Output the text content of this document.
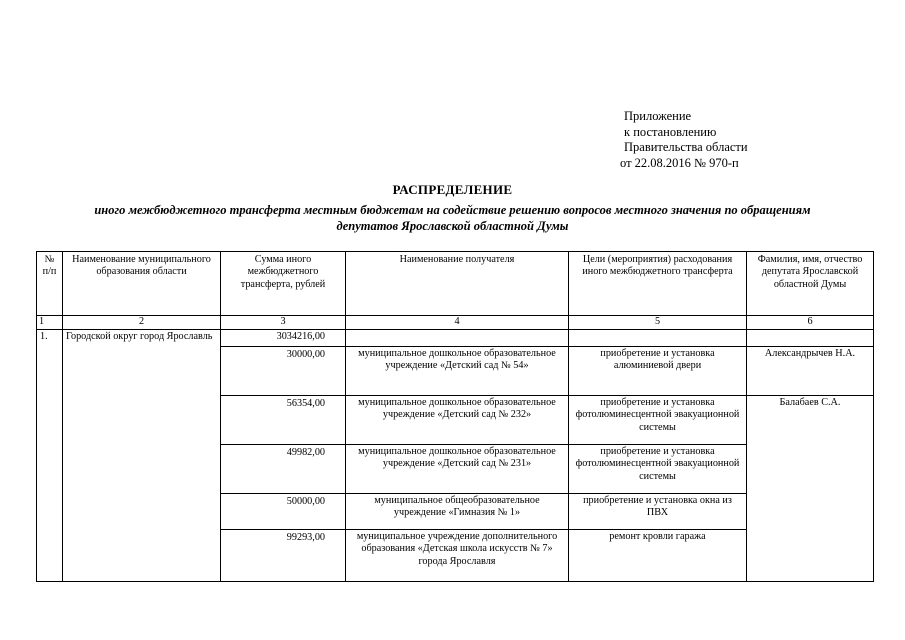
Приложение
к постановлению
Правительства области
от 22.08.2016 № 970-п
РАСПРЕДЕЛЕНИЕ
иного межбюджетного трансферта местным бюджетам на содействие решению вопросов местного значения по обращениям
депутатов Ярославской областной Думы
№ п/п	Наименование муниципального образования области	Сумма иного межбюджетного трансферта, рублей	Наименование получателя	Цели (мероприятия) расходования иного межбюджетного трансферта	Фамилия, имя, отчество депутата Ярославской областной Думы
1	2	3	4	5	6
1.	Городской округ город Ярославль	3034216,00			
		30000,00	муниципальное дошкольное образовательное учреждение «Детский сад № 54»	приобретение и установка алюминиевой двери	Александрычев Н.А.
		56354,00	муниципальное дошкольное образовательное учреждение «Детский сад № 232»	приобретение и установка фотолюминесцентной эвакуационной системы	Балабаев С.А.
		49982,00	муниципальное дошкольное образовательное учреждение «Детский сад № 231»	приобретение и установка фотолюминесцентной эвакуационной системы	
		50000,00	муниципальное общеобразовательное учреждение «Гимназия № 1»	приобретение и установка окна из ПВХ	
		99293,00	муниципальное учреждение дополнительного образования «Детская школа искусств № 7» города Ярославля	ремонт кровли гаража	
